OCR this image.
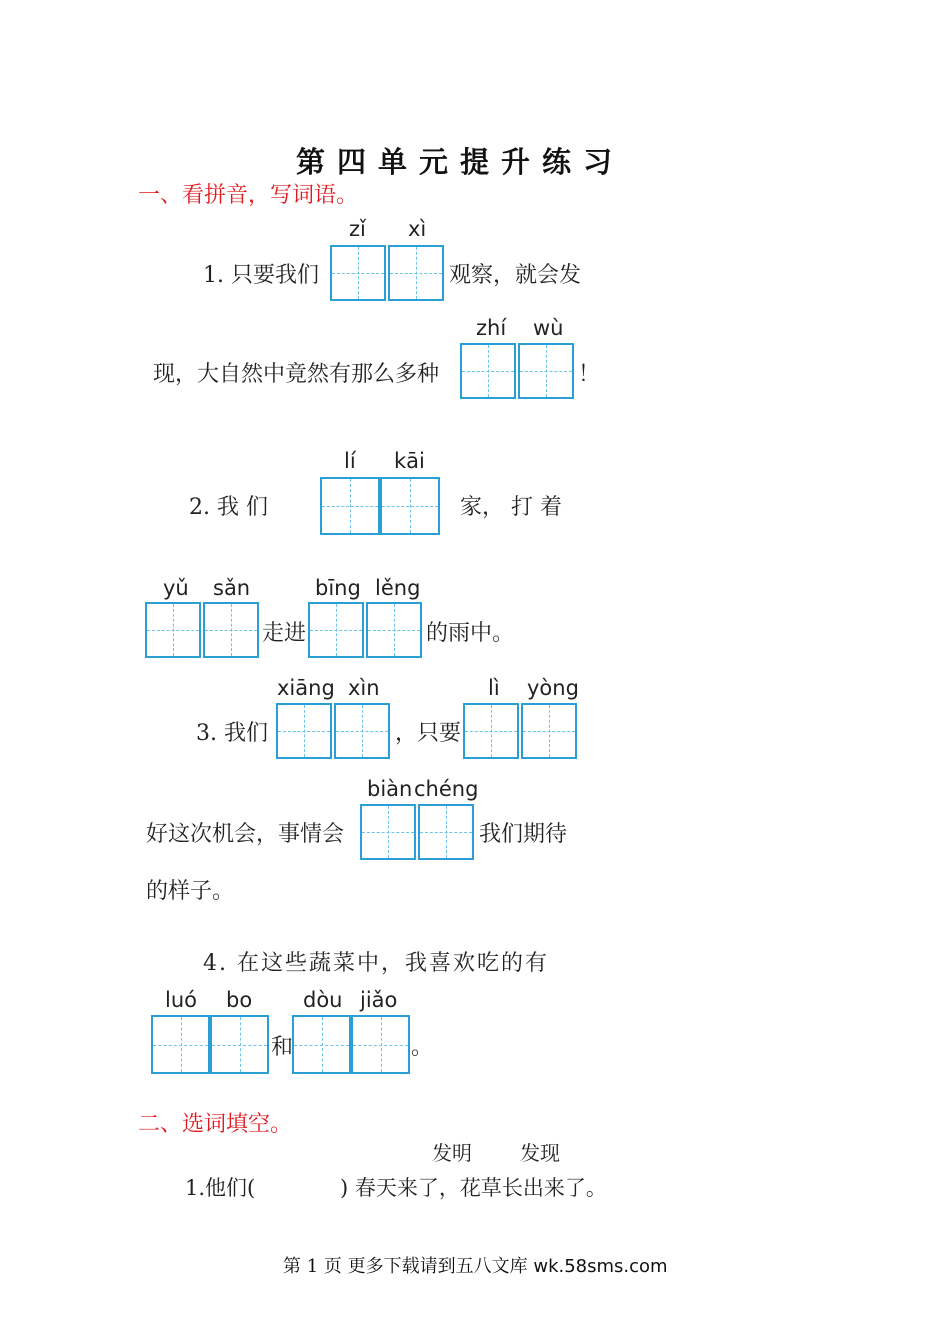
第四单元提升练习
一、看拼音，写词语。
zǐ xì
1. 只要我们	观察，就会发
现，大自然中竟然有那么多种
zhí wù
！
lí kāi
2. 我 们	家， 打 着
yǔ sǎn
走进
bīng lěng
的雨中。
xiāng xìn
3. 我们	，只要
lì yòng
好这次机会，事情会
biàn chéng
我们期待
的样子。
4. 在这些蔬菜中，我喜欢吃的有
luó bo
和
dòu jiǎo
。
二、选词填空。
发明 发现
1.他们(	) 春天来了，花草长出来了。
第 1 页 更多下载请到五八文库 wk.58sms.com
